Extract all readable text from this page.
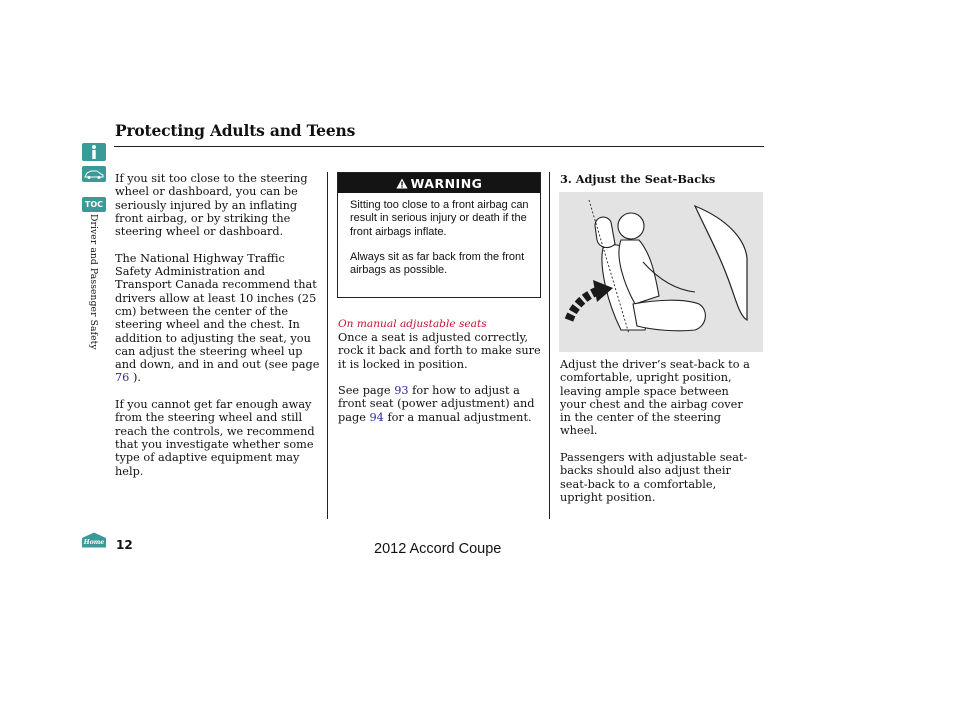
TOC
Driver and Passenger Safety
Protecting Adults and Teens

If you sit too close to the steering wheel or dashboard, you can be seriously injured by an inflating front airbag, or by striking the steering wheel or dashboard.

The National Highway Traffic Safety Administration and Transport Canada recommend that drivers allow at least 10 inches (25 cm) between the center of the steering wheel and the chest. In addition to adjusting the seat, you can adjust the steering wheel up and down, and in and out (see page 76 ).

If you cannot get far enough away from the steering wheel and still reach the controls, we recommend that you investigate whether some type of adaptive equipment may help.

WARNING

Sitting too close to a front airbag can result in serious injury or death if the front airbags inflate.

Always sit as far back from the front airbags as possible.

On manual adjustable seats

Once a seat is adjusted correctly, rock it back and forth to make sure it is locked in position.

See page 93 for how to adjust a front seat (power adjustment) and page 94 for a manual adjustment.

3. Adjust the Seat-Backs

Adjust the driver’s seat-back to a comfortable, upright position, leaving ample space between your chest and the airbag cover in the center of the steering wheel.

Passengers with adjustable seat-backs should also adjust their seat-back to a comfortable, upright position.

Home 12	2012 Accord Coupe
